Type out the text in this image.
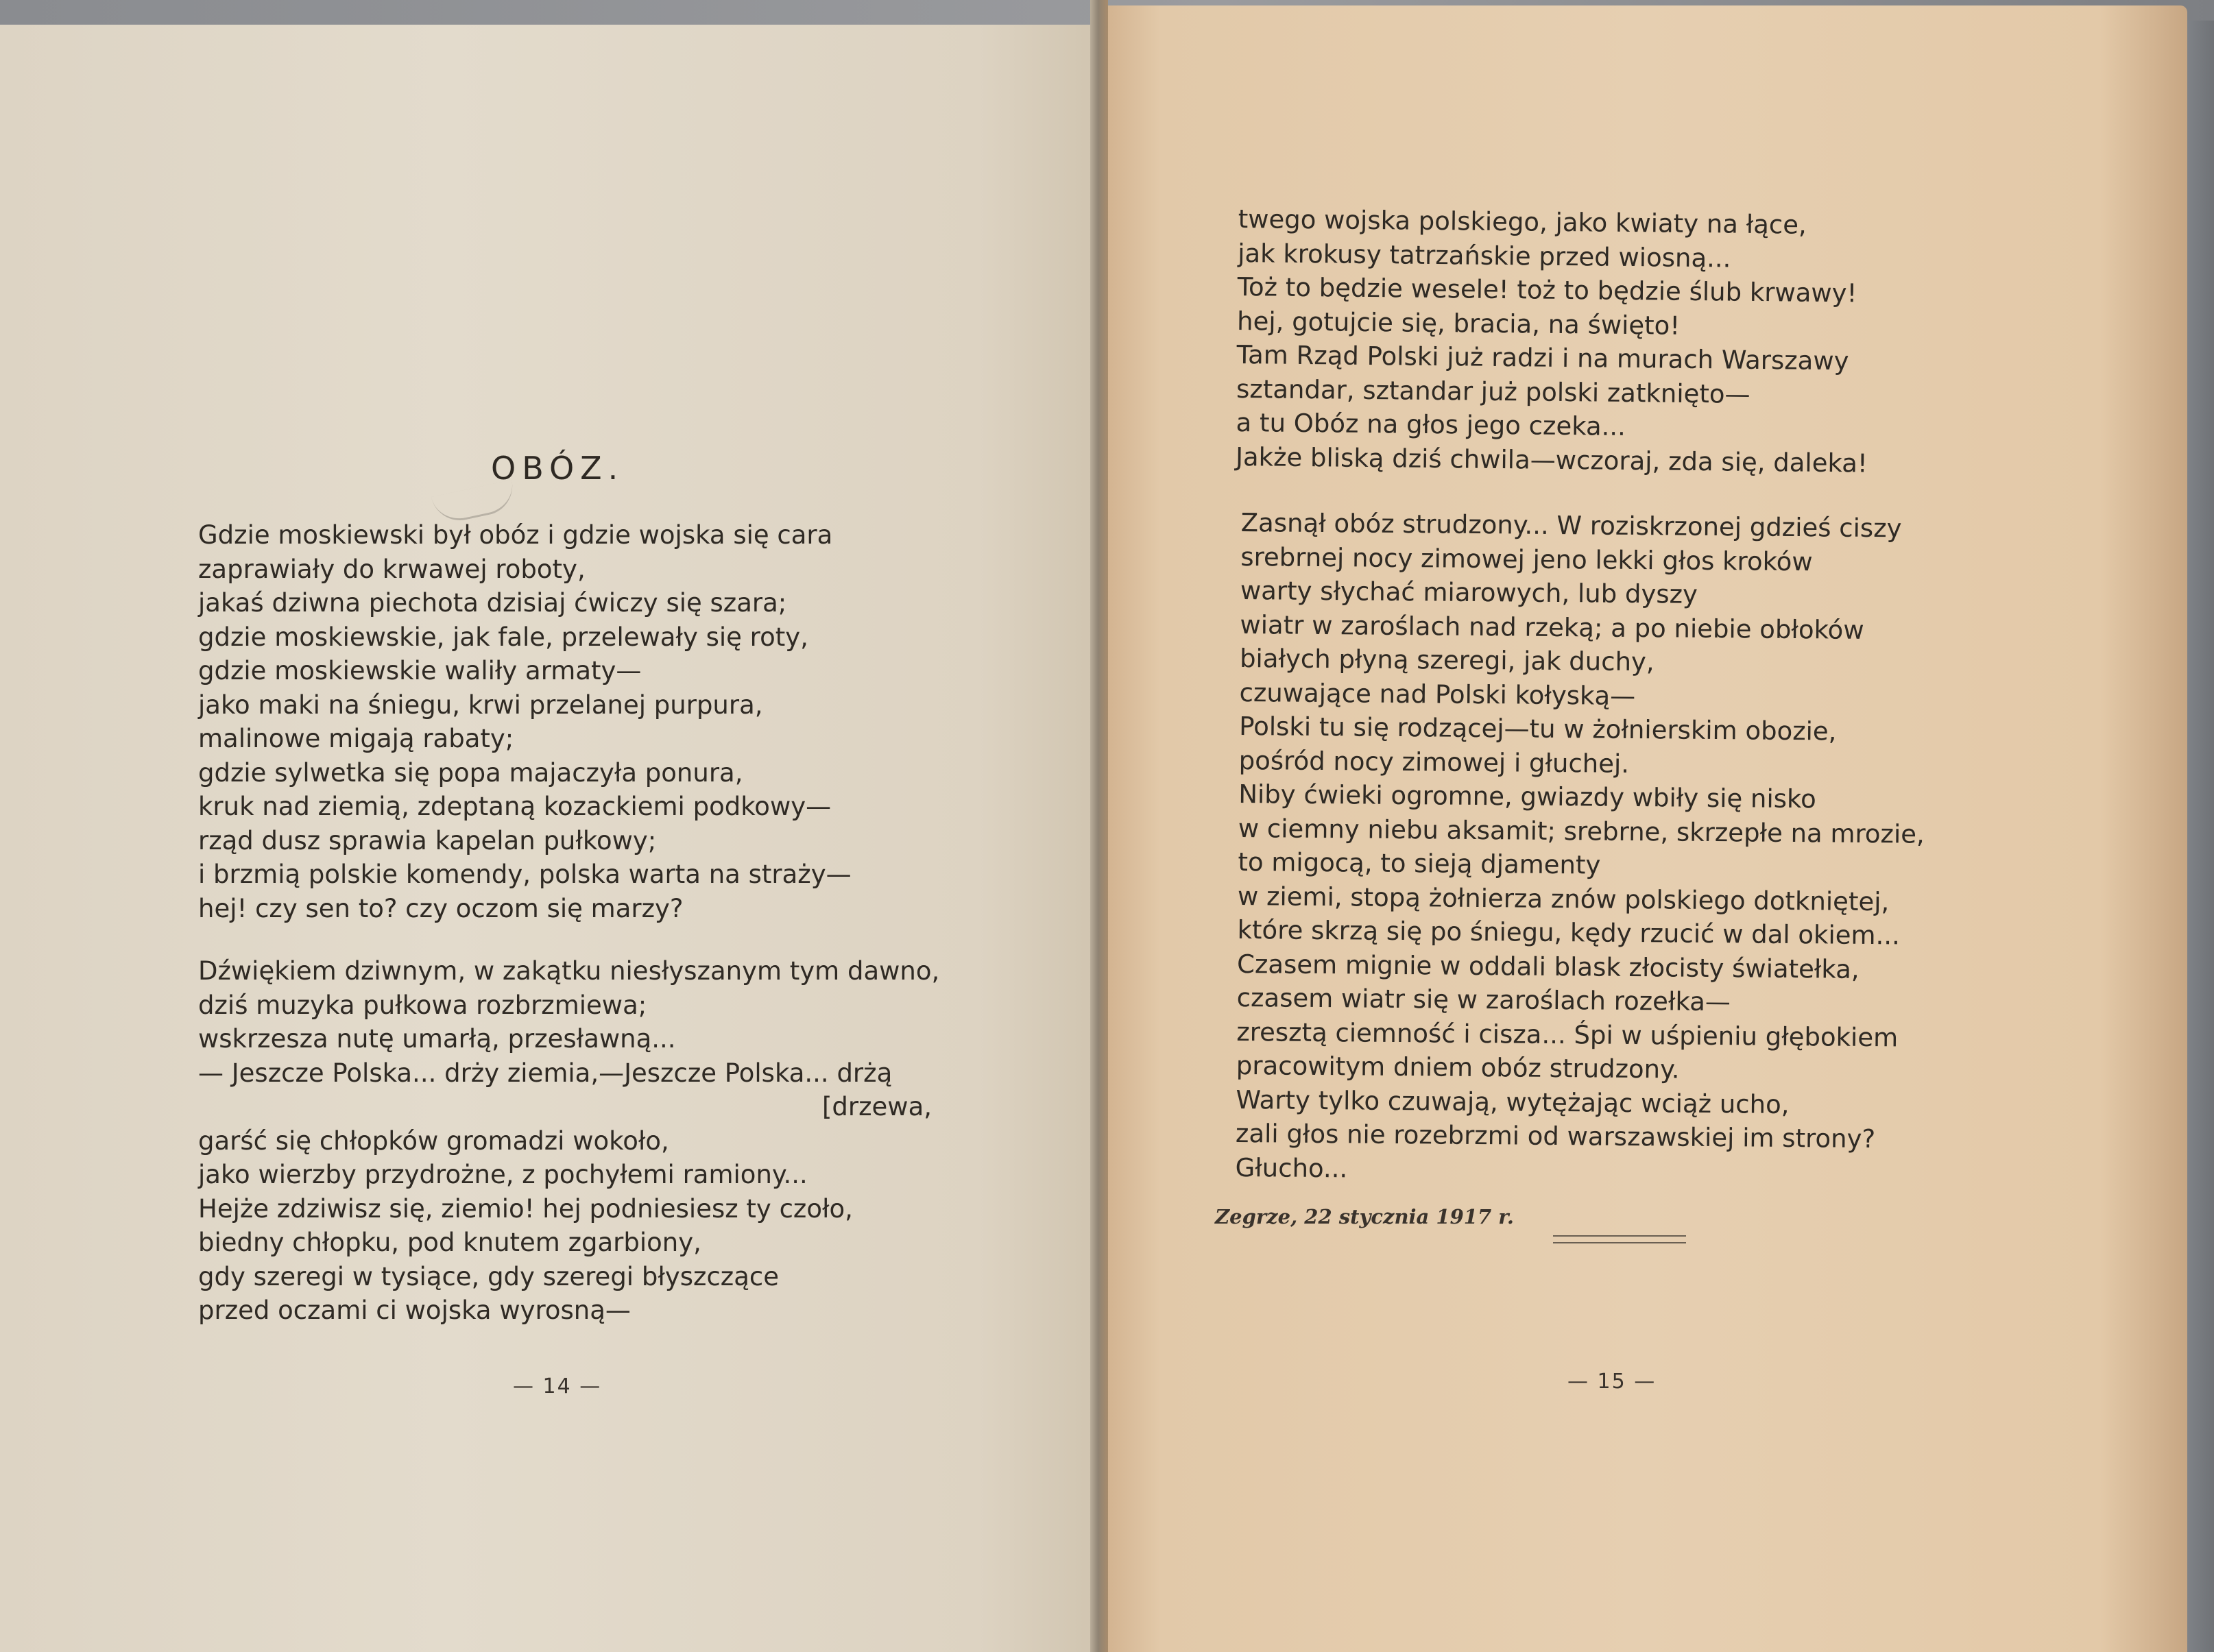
OBÓZ.
Gdzie moskiewski był obóz i gdzie wojska się cara
zaprawiały do krwawej roboty,
jakaś dziwna piechota dzisiaj ćwiczy się szara;
gdzie moskiewskie, jak fale, przelewały się roty,
gdzie moskiewskie waliły armaty—
jako maki na śniegu, krwi przelanej purpura,
malinowe migają rabaty;
gdzie sylwetka się popa majaczyła ponura,
kruk nad ziemią, zdeptaną kozackiemi podkowy—
rząd dusz sprawia kapelan pułkowy;
i brzmią polskie komendy, polska warta na straży—
hej! czy sen to? czy oczom się marzy?
Dźwiękiem dziwnym, w zakątku niesłyszanym tym dawno,
dziś muzyka pułkowa rozbrzmiewa;
wskrzesza nutę umarłą, przesławną...
— Jeszcze Polska... drży ziemia,—Jeszcze Polska... drżą
[drzewa,
garść się chłopków gromadzi wokoło,
jako wierzby przydrożne, z pochyłemi ramiony...
Hejże zdziwisz się, ziemio! hej podniesiesz ty czoło,
biedny chłopku, pod knutem zgarbiony,
gdy szeregi w tysiące, gdy szeregi błyszczące
przed oczami ci wojska wyrosną—
— 14 —
twego wojska polskiego, jako kwiaty na łące,
jak krokusy tatrzańskie przed wiosną...
Toż to będzie wesele! toż to będzie ślub krwawy!
hej, gotujcie się, bracia, na święto!
Tam Rząd Polski już radzi i na murach Warszawy
sztandar, sztandar już polski zatknięto—
a tu Obóz na głos jego czeka...
Jakże bliską dziś chwila—wczoraj, zda się, daleka!
Zasnął obóz strudzony... W roziskrzonej gdzieś ciszy
srebrnej nocy zimowej jeno lekki głos kroków
warty słychać miarowych, lub dyszy
wiatr w zaroślach nad rzeką; a po niebie obłoków
białych płyną szeregi, jak duchy,
czuwające nad Polski kołyską—
Polski tu się rodzącej—tu w żołnierskim obozie,
pośród nocy zimowej i głuchej.
Niby ćwieki ogromne, gwiazdy wbiły się nisko
w ciemny niebu aksamit; srebrne, skrzepłe na mrozie,
to migocą, to sieją djamenty
w ziemi, stopą żołnierza znów polskiego dotkniętej,
które skrzą się po śniegu, kędy rzucić w dal okiem...
Czasem mignie w oddali blask złocisty światełka,
czasem wiatr się w zaroślach rozełka—
zresztą ciemność i cisza... Śpi w uśpieniu głębokiem
pracowitym dniem obóz strudzony.
Warty tylko czuwają, wytężając wciąż ucho,
zali głos nie rozebrzmi od warszawskiej im strony?
Głucho...
Zegrze, 22 stycznia 1917 r.
— 15 —
